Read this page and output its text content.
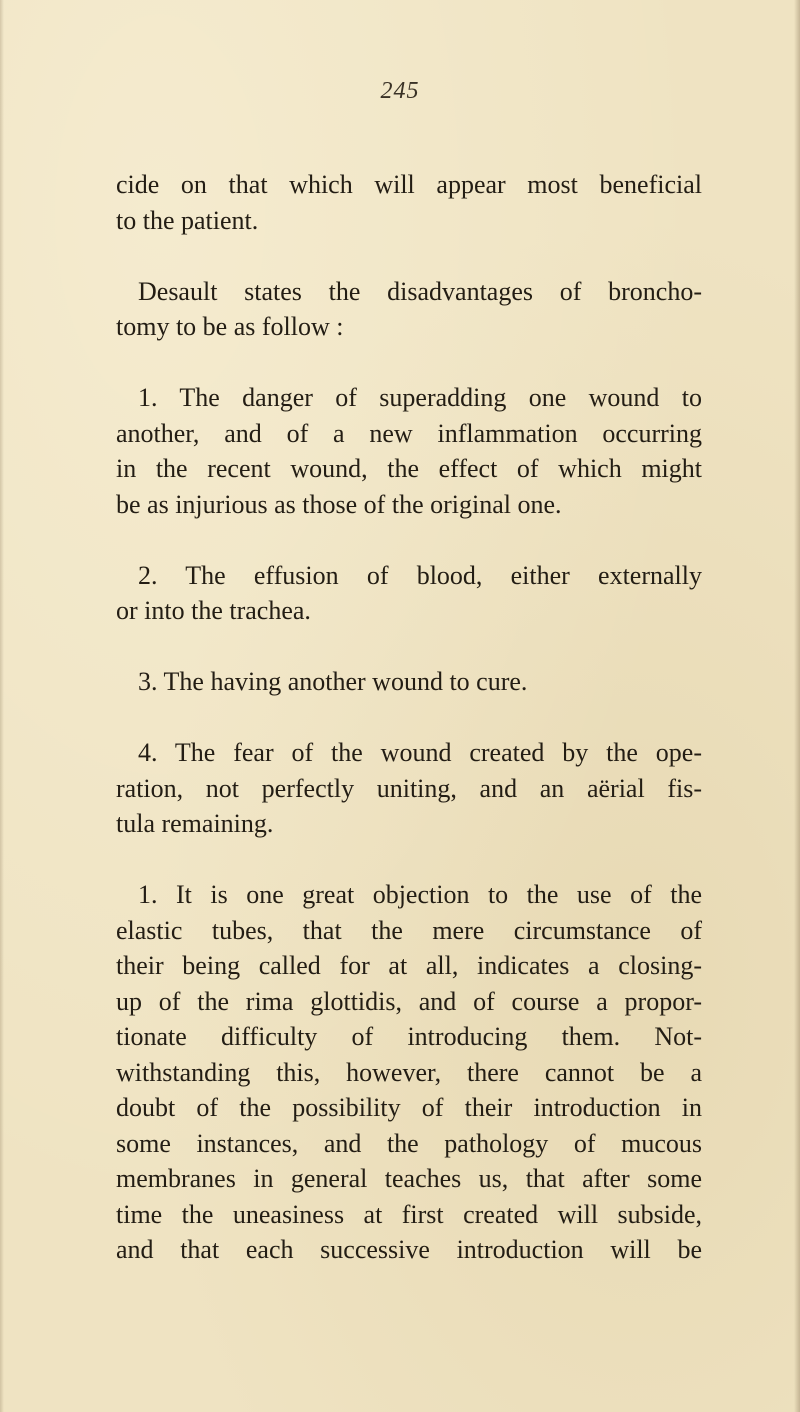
245
cide on that which will appear most beneficial
to the patient.
Desault states the disadvantages of broncho-
tomy to be as follow :
1. The danger of superadding one wound to
another, and of a new inflammation occurring
in the recent wound, the effect of which might
be as injurious as those of the original one.
2. The effusion of blood, either externally
or into the trachea.
3. The having another wound to cure.
4. The fear of the wound created by the ope-
ration, not perfectly uniting, and an aërial fis-
tula remaining.
1. It is one great objection to the use of the
elastic tubes, that the mere circumstance of
their being called for at all, indicates a closing-
up of the rima glottidis, and of course a propor-
tionate difficulty of introducing them. Not-
withstanding this, however, there cannot be a
doubt of the possibility of their introduction in
some instances, and the pathology of mucous
membranes in general teaches us, that after some
time the uneasiness at first created will subside,
and that each successive introduction will be
